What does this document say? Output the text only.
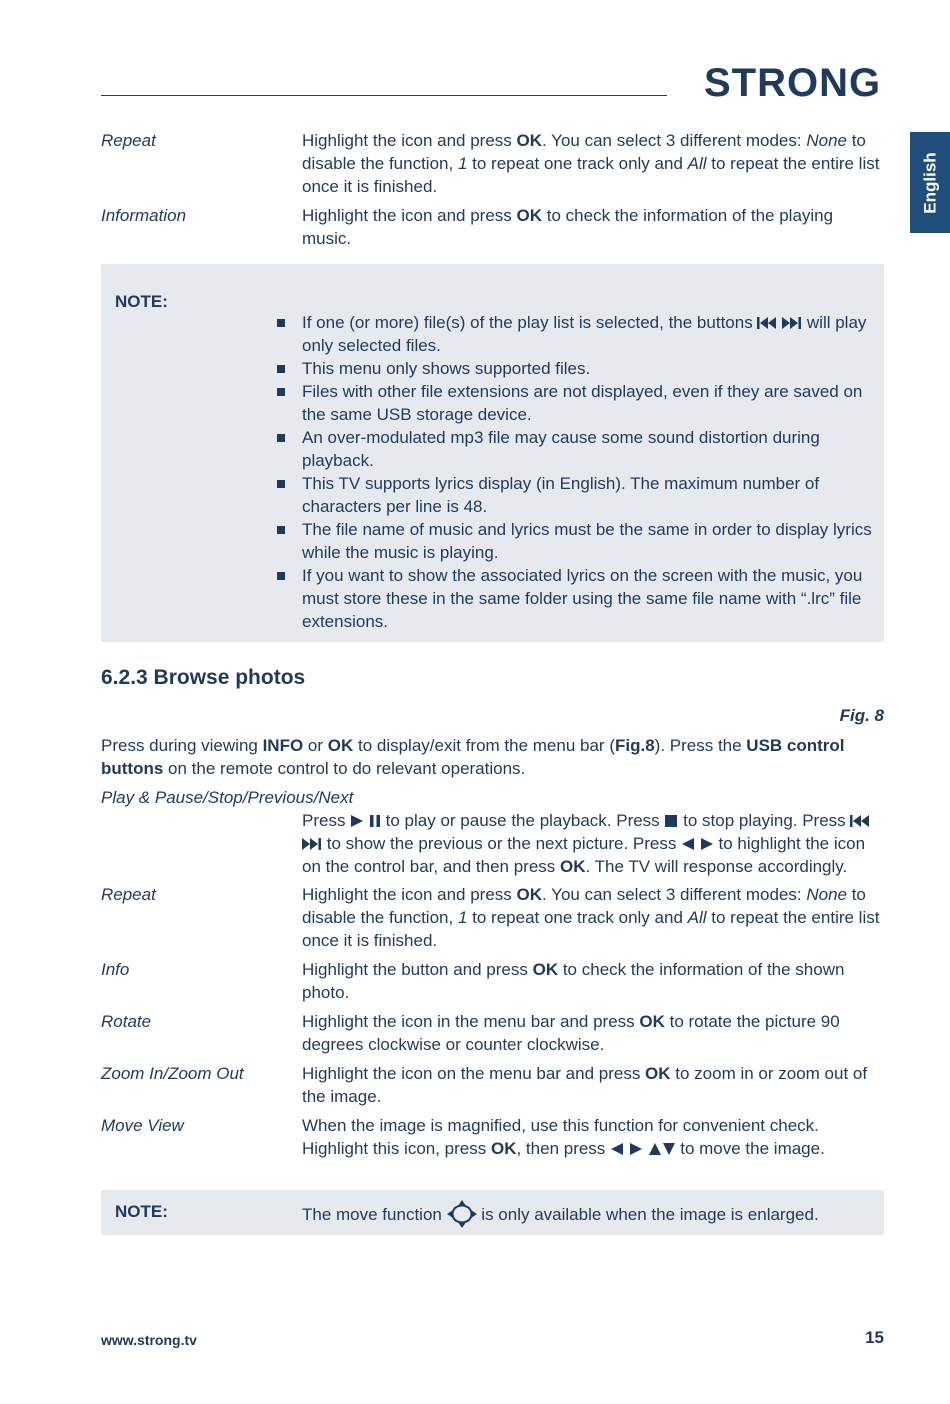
STRONG
English
Repeat	Highlight the icon and press OK. You can select 3 different modes: None to disable the function, 1 to repeat one track only and All to repeat the entire list once it is finished.
Information	Highlight the icon and press OK to check the information of the playing music.
NOTE:
If one (or more) file(s) of the play list is selected, the buttons	will play only selected files.
This menu only shows supported files.
Files with other file extensions are not displayed, even if they are saved on the same USB storage device.
An over-modulated mp3 file may cause some sound distortion during playback.
This TV supports lyrics display (in English). The maximum number of characters per line is 48.
The file name of music and lyrics must be the same in order to display lyrics while the music is playing.
If you want to show the associated lyrics on the screen with the music, you must store these in the same folder using the same file name with “.lrc” file extensions.
6.2.3 Browse photos
Fig. 8
Press during viewing INFO or OK to display/exit from the menu bar (Fig.8). Press the USB control buttons on the remote control to do relevant operations.
Play & Pause/Stop/Previous/Next
Press   to play or pause the playback. Press  to stop playing. Press   to show the previous or the next picture. Press   to highlight the icon on the control bar, and then press OK. The TV will response accordingly.
Repeat	Highlight the icon and press OK. You can select 3 different modes: None to disable the function, 1 to repeat one track only and All to repeat the entire list once it is finished.
Info	Highlight the button and press OK to check the information of the shown photo.
Rotate	Highlight the icon in the menu bar and press OK to rotate the picture 90 degrees clockwise or counter clockwise.
Zoom In/Zoom Out	Highlight the icon on the menu bar and press OK to zoom in or zoom out of the image.
Move View	When the image is magnified, use this function for convenient check. Highlight this icon, press OK, then press	to move the image.
NOTE:	The move function  is only available when the image is enlarged.
www.strong.tv	15
